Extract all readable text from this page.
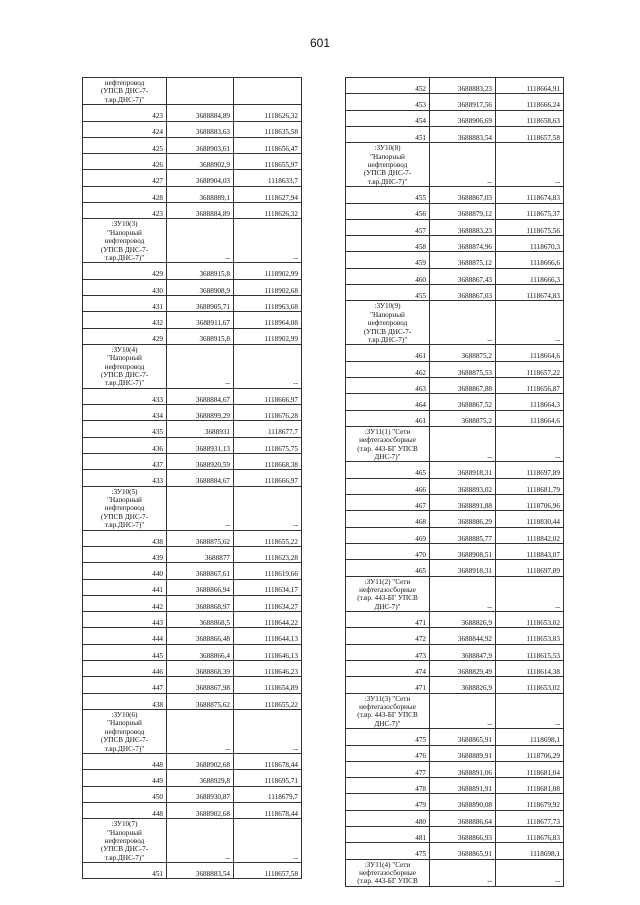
601
нефтепровод
(УПСВ ДНС-7-
т.вр.ДНС-7)"		
423	3688884,89	1118626,32
424	3688883,63	1118635,58
425	3688903,61	1118656,47
426	3688902,9	1118655,97
427	3688904,03	1118633,7
428	3688889,1	1118627,94
423	3688884,89	1118626,32
:ЗУ10(3)
"Напорный
нефтепровод
(УПСВ ДНС-7-
т.вр.ДНС-7)"	--	--
429	3688915,8	1118902,99
430	3688908,9	1118902,68
431	3688905,71	1118963,68
432	3688911,67	1118964,08
429	3688915,8	1118902,99
:ЗУ10(4)
"Напорный
нефтепровод
(УПСВ ДНС-7-
т.вр.ДНС-7)"	--	--
433	3688884,67	1118666,97
434	3688899,29	1118676,28
435	3688931	1118677,7
436	3688931,13	1118675,75
437	3688920,59	1118668,38
433	3688884,67	1118666,97
:ЗУ10(5)
"Напорный
нефтепровод
(УПСВ ДНС-7-
т.вр.ДНС-7)"	--	--
438	3688875,62	1118655,22
439	3688877	1118623,28
440	3688867,61	1118619,66
441	3688866,94	1118634,17
442	3688868,97	1118634,27
443	3688868,5	1118644,22
444	3688866,48	1118644,13
445	3688866,4	1118646,13
446	3688868,39	1118646,23
447	3688867,98	1118654,89
438	3688875,62	1118655,22
:ЗУ10(6)
"Напорный
нефтепровод
(УПСВ ДНС-7-
т.вр.ДНС-7)"	--	--
448	3688902,68	1118678,44
449	3688929,8	1118695,71
450	3688930,87	1118679,7
448	3688902,68	1118678,44
:ЗУ10(7)
"Напорный
нефтепровод
(УПСВ ДНС-7-
т.вр.ДНС-7)"	--	--
451	3688883,54	1118657,58
452	3688883,23	1118664,91
453	3688917,56	1118666,24
454	3688906,69	1118658,63
451	3688883,54	1118657,58
:ЗУ10(8)
"Напорный
нефтепровод
(УПСВ ДНС-7-
т.вр.ДНС-7)"	--	--
455	3688867,03	1118674,83
456	3688879,12	1118675,37
457	3688883,23	1118675,56
458	3688874,96	1118670,3
459	3688875,12	1118666,6
460	3688867,43	1118666,3
455	3688867,03	1118674,83
:ЗУ10(9)
"Напорный
нефтепровод
(УПСВ ДНС-7-
т.вр.ДНС-7)"	--	--
461	3688875,2	1118664,6
462	3688875,53	1118657,22
463	3688867,88	1118656,87
464	3688867,52	1118664,3
461	3688875,2	1118664,6
:ЗУ11(1) "Сети
нефтегазосборные
(т.вр. 443-БГ УПСВ
ДНС-7)"	--	--
465	3688918,31	1118697,89
466	3688893,02	1118681,79
467	3688891,88	1118706,96
468	3688886,29	1118830,44
469	3688885,77	1118842,02
470	3688908,51	1118843,07
465	3688918,31	1118697,89
:ЗУ11(2) "Сети
нефтегазосборные
(т.вр. 443-БГ УПСВ
ДНС-7)"	--	--
471	3688826,9	1118653,02
472	3688844,92	1118653,83
473	3688847,9	1118615,53
474	3688829,49	1118614,38
471	3688826,9	1118653,02
:ЗУ11(3) "Сети
нефтегазосборные
(т.вр. 443-БГ УПСВ
ДНС-7)"	--	--
475	3688865,91	1118698,1
476	3688889,91	1118706,29
477	3688891,06	1118681,04
478	3688891,91	1118681,08
479	3688890,08	1118679,92
480	3688886,64	1118677,73
481	3688866,93	1118676,83
475	3688865,91	1118698,1
:ЗУ11(4) "Сети
нефтегазосборные
(т.вр. 443-БГ УПСВ	--	--
